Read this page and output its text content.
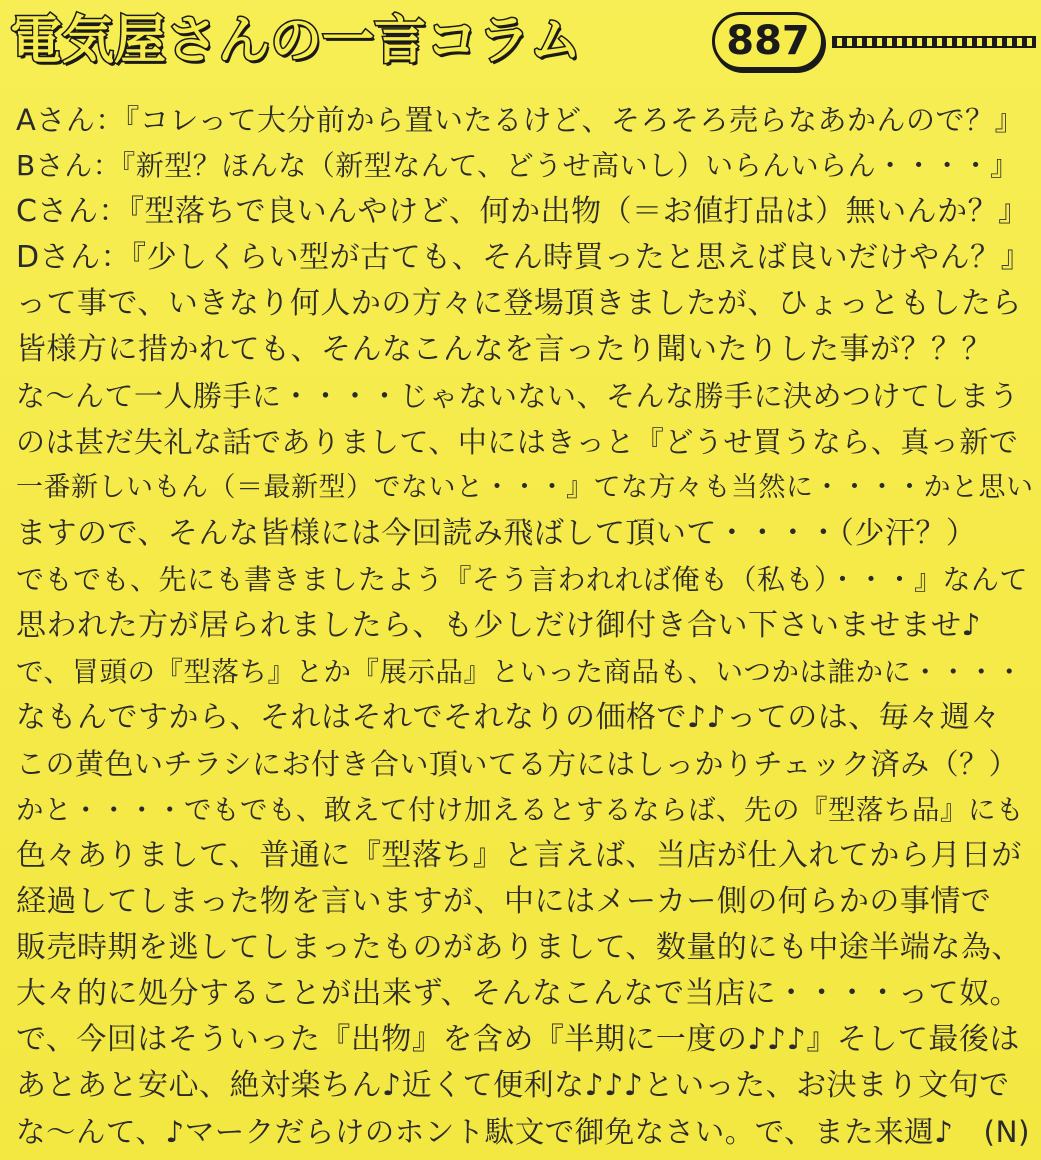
電気屋さんの一言コラム	887
Aさん：『コレって大分前から置いたるけど、そろそろ売らなあかんので？』
Bさん：『新型？ほんな（新型なんて、どうせ高いし）いらんいらん・・・・』
Cさん：『型落ちで良いんやけど、何か出物（＝お値打品は）無いんか？』
Dさん：『少しくらい型が古ても、そん時買ったと思えば良いだけやん？』
って事で、いきなり何人かの方々に登場頂きましたが、ひょっともしたら
皆様方に措かれても、そんなこんなを言ったり聞いたりした事が？？？
な～んて一人勝手に・・・・じゃないない、そんな勝手に決めつけてしまう
のは甚だ失礼な話でありまして、中にはきっと『どうせ買うなら、真っ新で
一番新しいもん（＝最新型）でないと・・・』てな方々も当然に・・・・かと思い
ますので、そんな皆様には今回読み飛ばして頂いて・・・・（少汗？）
でもでも、先にも書きましたよう『そう言われれば俺も（私も）・・・』なんて
思われた方が居られましたら、も少しだけ御付き合い下さいませませ♪
で、冒頭の『型落ち』とか『展示品』といった商品も、いつかは誰かに・・・・
なもんですから、それはそれでそれなりの価格で♪♪ってのは、毎々週々
この黄色いチラシにお付き合い頂いてる方にはしっかりチェック済み（？）
かと・・・・でもでも、敢えて付け加えるとするならば、先の『型落ち品』にも
色々ありまして、普通に『型落ち』と言えば、当店が仕入れてから月日が
経過してしまった物を言いますが、中にはメーカー側の何らかの事情で
販売時期を逃してしまったものがありまして、数量的にも中途半端な為、
大々的に処分することが出来ず、そんなこんなで当店に・・・・って奴。
で、今回はそういった『出物』を含め『半期に一度の♪♪♪』そして最後は
あとあと安心、絶対楽ちん♪近くて便利な♪♪♪といった、お決まり文句で
な～んて、♪マークだらけのホント駄文で御免なさい。で、また来週♪　(N)
